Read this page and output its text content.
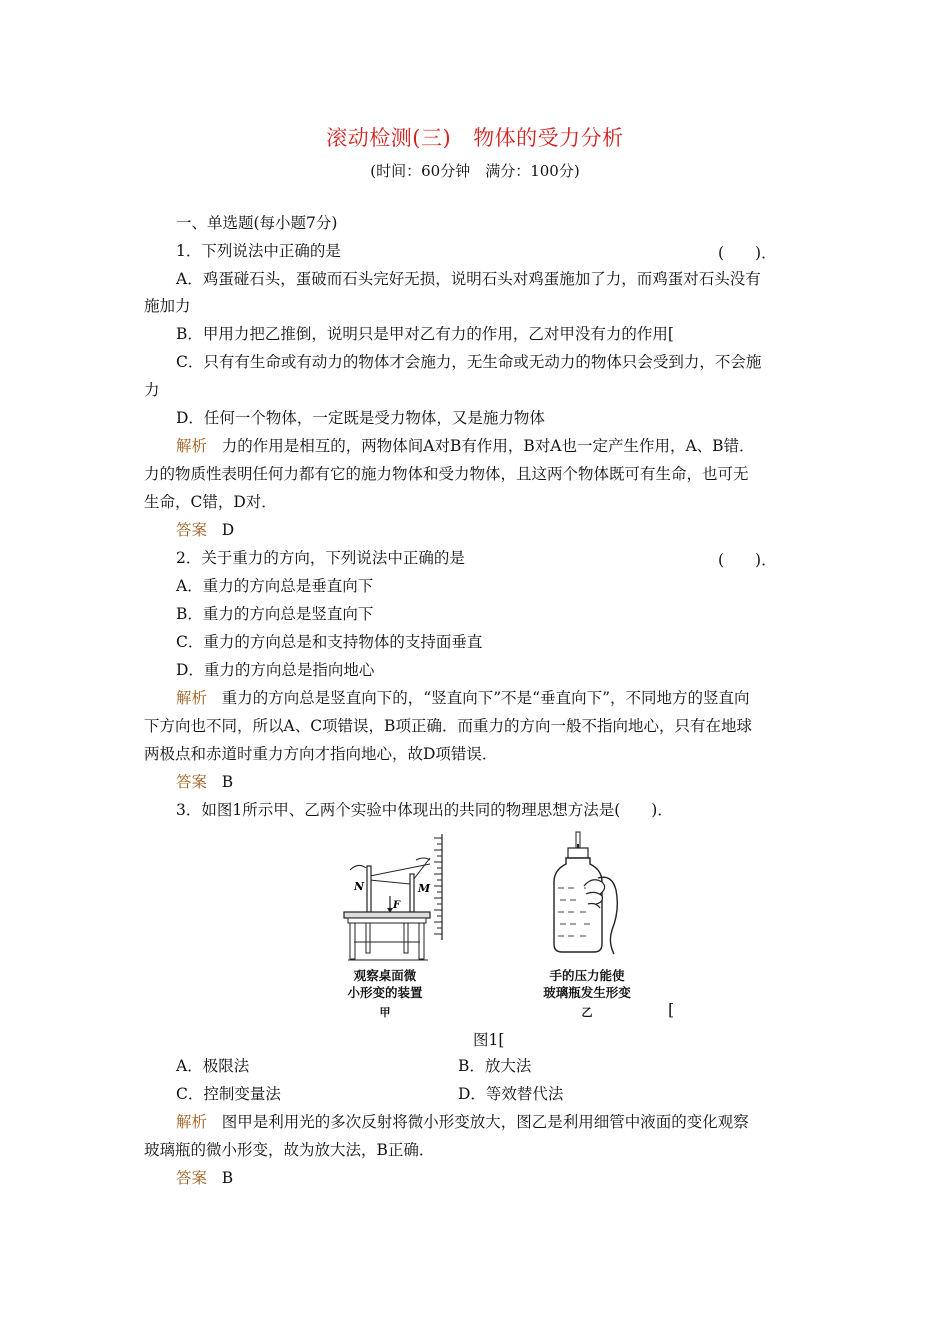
滚动检测(三) 物体的受力分析
(时间：60分钟　满分：100分)
一、单选题(每小题7分)
1．下列说法中正确的是	(　　)．
A．鸡蛋碰石头，蛋破而石头完好无损，说明石头对鸡蛋施加了力，而鸡蛋对石头没有
施加力
B．甲用力把乙推倒，说明只是甲对乙有力的作用，乙对甲没有力的作用[
C．只有有生命或有动力的物体才会施力，无生命或无动力的物体只会受到力，不会施
力
D．任何一个物体，一定既是受力物体，又是施力物体
解析 力的作用是相互的，两物体间A对B有作用，B对A也一定产生作用，A、B错．
力的物质性表明任何力都有它的施力物体和受力物体，且这两个物体既可有生命，也可无
生命，C错，D对．
答案 D
2．关于重力的方向，下列说法中正确的是	(　　)．
A．重力的方向总是垂直向下
B．重力的方向总是竖直向下
C．重力的方向总是和支持物体的支持面垂直
D．重力的方向总是指向地心
解析 重力的方向总是竖直向下的，“竖直向下”不是“垂直向下”，不同地方的竖直向
下方向也不同，所以A、C项错误，B项正确．而重力的方向一般不指向地心，只有在地球
两极点和赤道时重力方向才指向地心，故D项错误．
答案 B
3．如图1所示甲、乙两个实验中体现出的共同的物理思想方法是(　　)．
N	M
F
观察桌面微
小形变的装置
甲
手的压力能使
玻璃瓶发生形变
乙	[
图1[
A．极限法	B．放大法
C．控制变量法	D．等效替代法
解析 图甲是利用光的多次反射将微小形变放大，图乙是利用细管中液面的变化观察
玻璃瓶的微小形变，故为放大法，B正确．
答案 B
